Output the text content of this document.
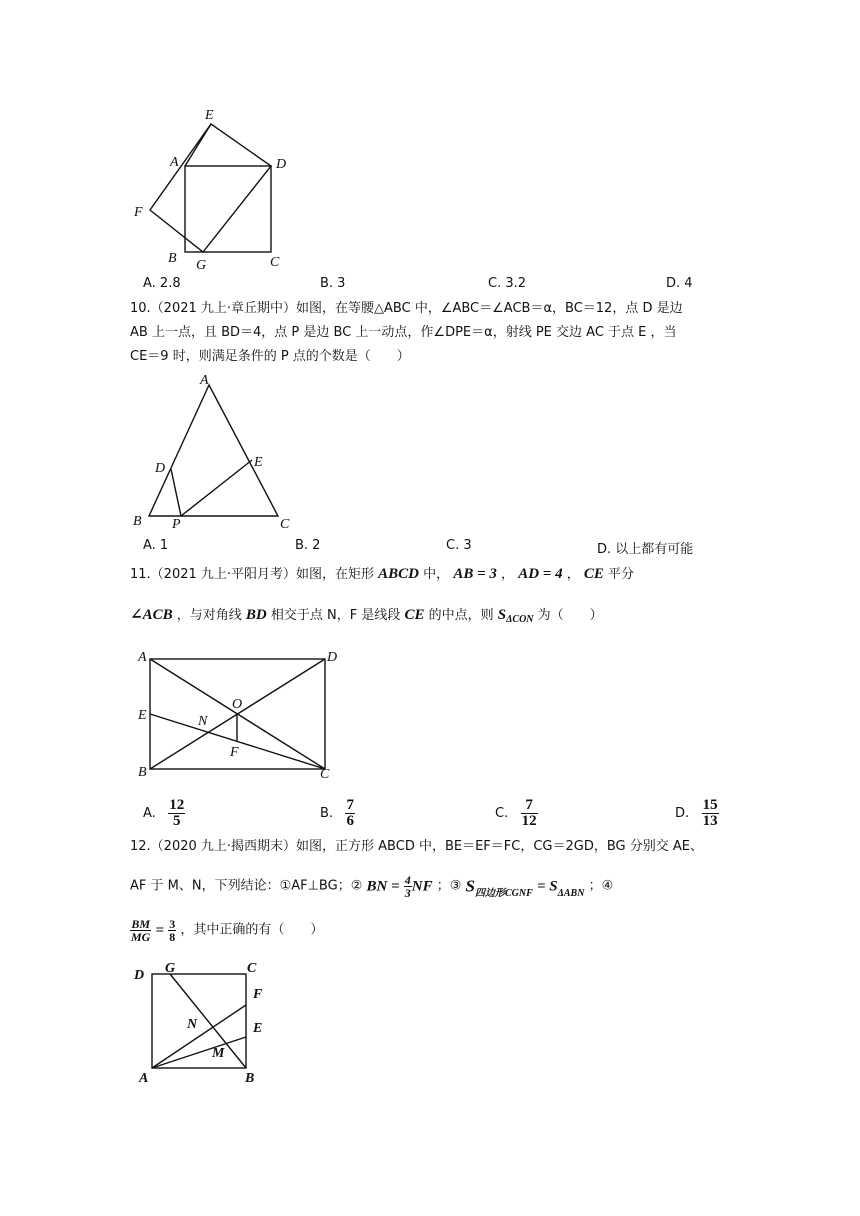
E
A	D
F
B G	C
A. 2.8	B. 3	C. 3.2	D. 4
10.（2021 九上·章丘期中）如图，在等腰△ABC 中，∠ABC＝∠ACB＝α，BC＝12，点 D 是边
AB 上一点，且 BD＝4，点 P 是边 BC 上一动点，作∠DPE＝α，射线 PE 交边 AC 于点 E ，当
CE＝9 时，则满足条件的 P 点的个数是（　　）
A
D	E
B P	C
A. 1	B. 2	C. 3	D. 以上都有可能
11.（2021 九上·平阳月考）如图，在矩形 ABCD 中， AB = 3 ， AD = 4 ， CE 平分
∠ACB ，与对角线 BD 相交于点 N，F 是线段 CE 的中点，则 $S_{\Delta CON}$ 为（　　）
A	D
O
E	N
F
B	C
A. $\frac{12}{5}$	B. $\frac{7}{6}$	C. $\frac{7}{12}$	D. $\frac{15}{13}$
12.（2020 九上·揭西期末）如图，正方形 ABCD 中，BE＝EF＝FC，CG＝2GD，BG 分别交 AE、
AF 于 M、N，下列结论：①AF⊥BG；② BN = $\frac{4}{3}$ NF ；③ $S_{四边形CGNF} = S_{\Delta ABN}$ ；④
$\frac{BM}{MG} = \frac{3}{8}$ ，其中正确的有（　　）
D G	C
F
N	E
M
A	B
